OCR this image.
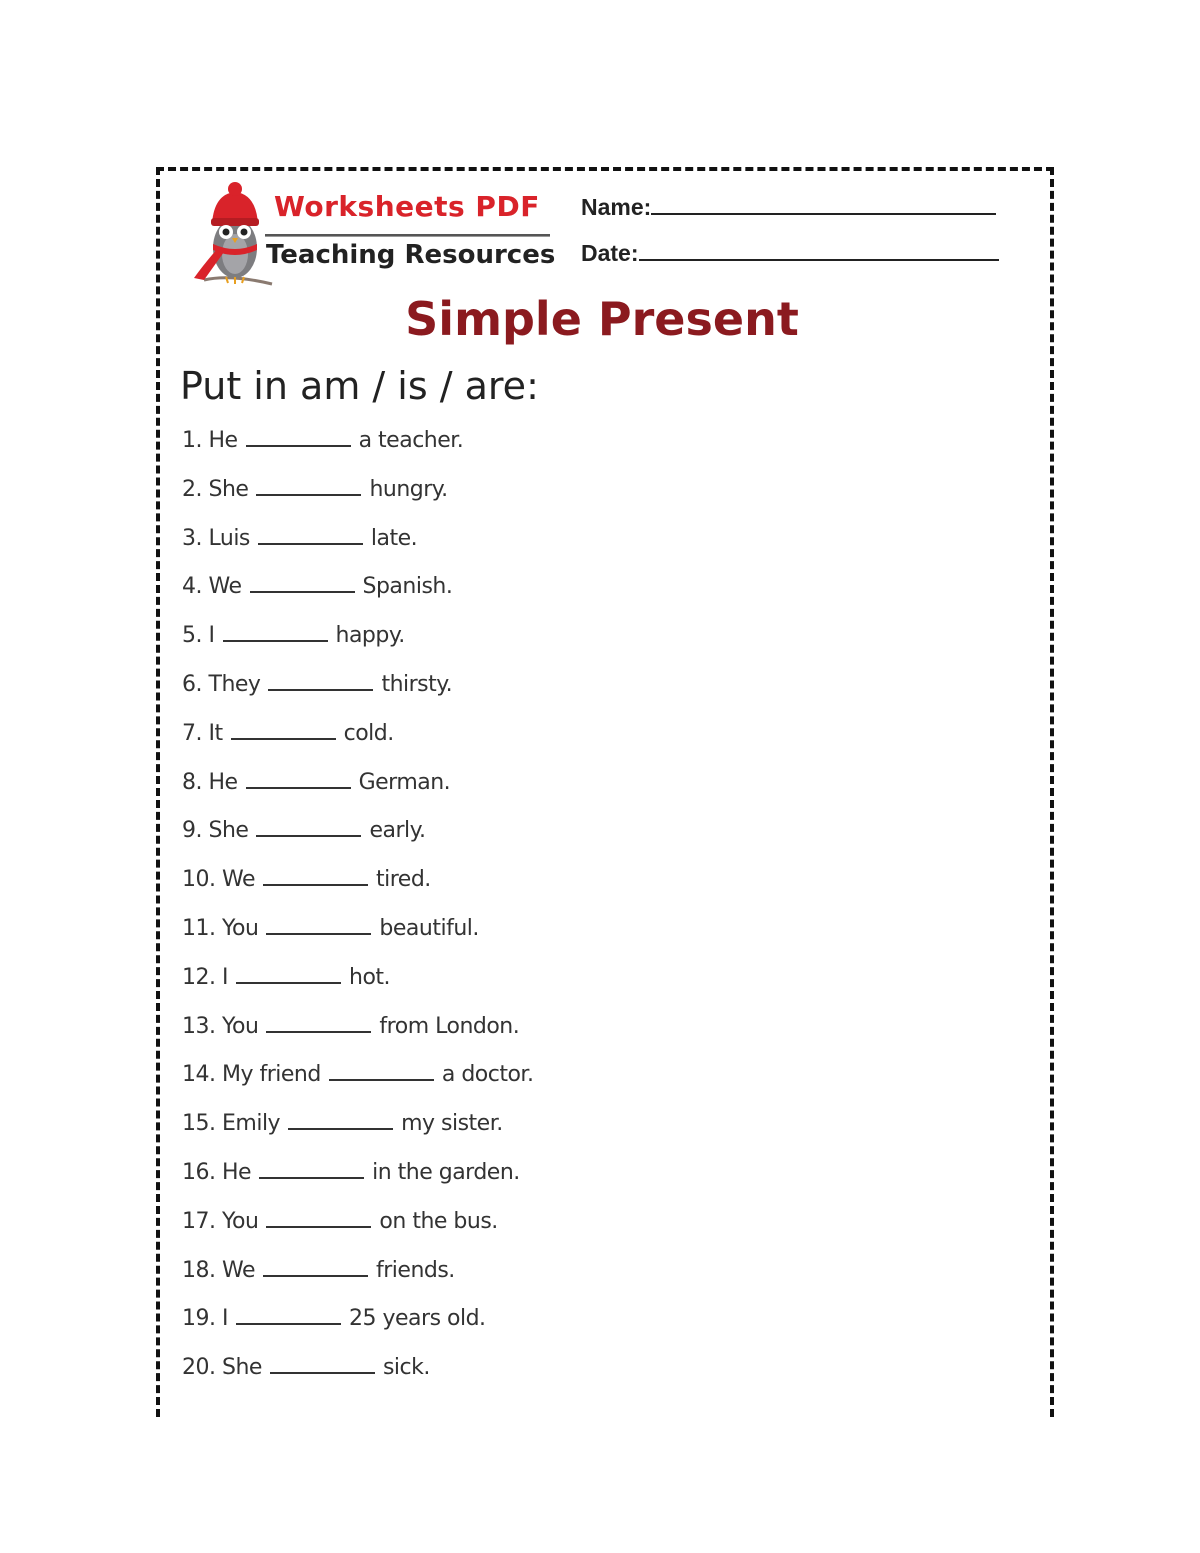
Worksheets PDF
Teaching Resources
Name:
Date:
Simple Present
Put in am / is / are:
1. He	a teacher.
2. She	hungry.
3. Luis	late.
4. We	Spanish.
5. I	happy.
6. They	thirsty.
7. It	cold.
8. He	German.
9. She	early.
10. We	tired.
11. You	beautiful.
12. I	hot.
13. You	from London.
14. My friend	a doctor.
15. Emily	my sister.
16. He	in the garden.
17. You	on the bus.
18. We	friends.
19. I	25 years old.
20. She	sick.
